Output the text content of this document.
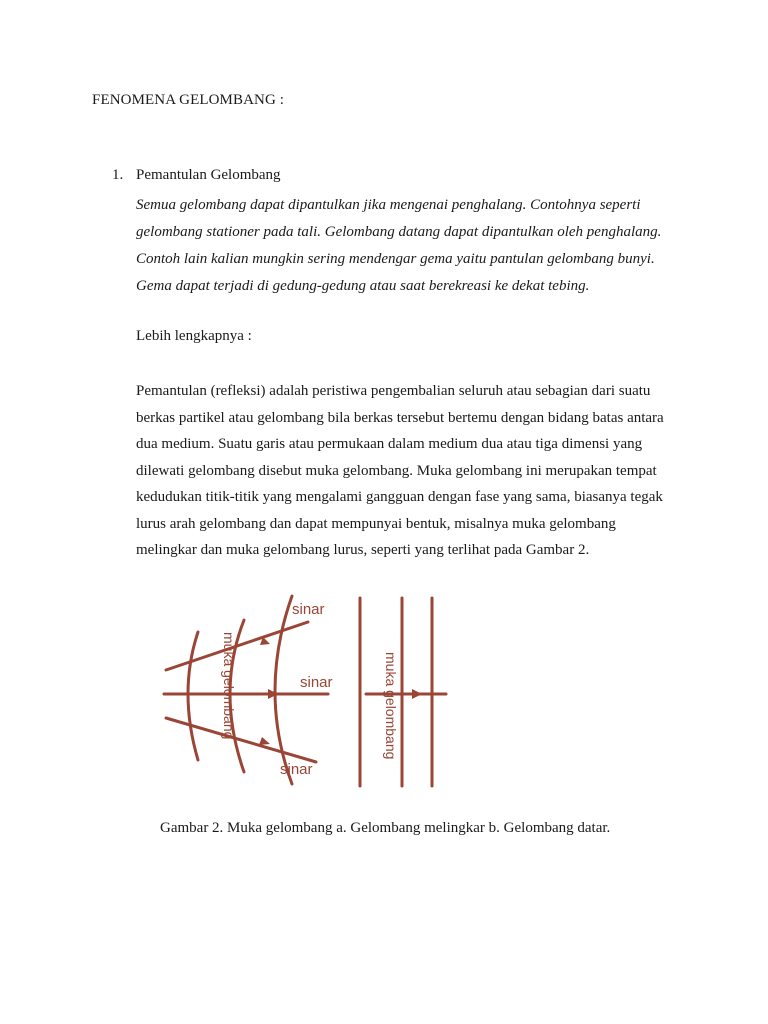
FENOMENA GELOMBANG :
1. Pemantulan Gelombang
Semua gelombang dapat dipantulkan jika mengenai penghalang. Contohnya seperti
gelombang stationer pada tali. Gelombang datang dapat dipantulkan oleh penghalang.
Contoh lain kalian mungkin sering mendengar gema yaitu pantulan gelombang bunyi.
Gema dapat terjadi di gedung-gedung atau saat berekreasi ke dekat tebing.
Lebih lengkapnya :
Pemantulan (refleksi) adalah peristiwa pengembalian seluruh atau sebagian dari suatu
berkas partikel atau gelombang bila berkas tersebut bertemu dengan bidang batas antara
dua medium. Suatu garis atau permukaan dalam medium dua atau tiga dimensi yang
dilewati gelombang disebut muka gelombang. Muka gelombang ini merupakan tempat
kedudukan titik-titik yang mengalami gangguan dengan fase yang sama, biasanya tegak
lurus arah gelombang dan dapat mempunyai bentuk, misalnya muka gelombang
melingkar dan muka gelombang lurus, seperti yang terlihat pada Gambar 2.
sinar
sinar
sinar
muka gelombang	muka gelombang
Gambar 2. Muka gelombang a. Gelombang melingkar b. Gelombang datar.
